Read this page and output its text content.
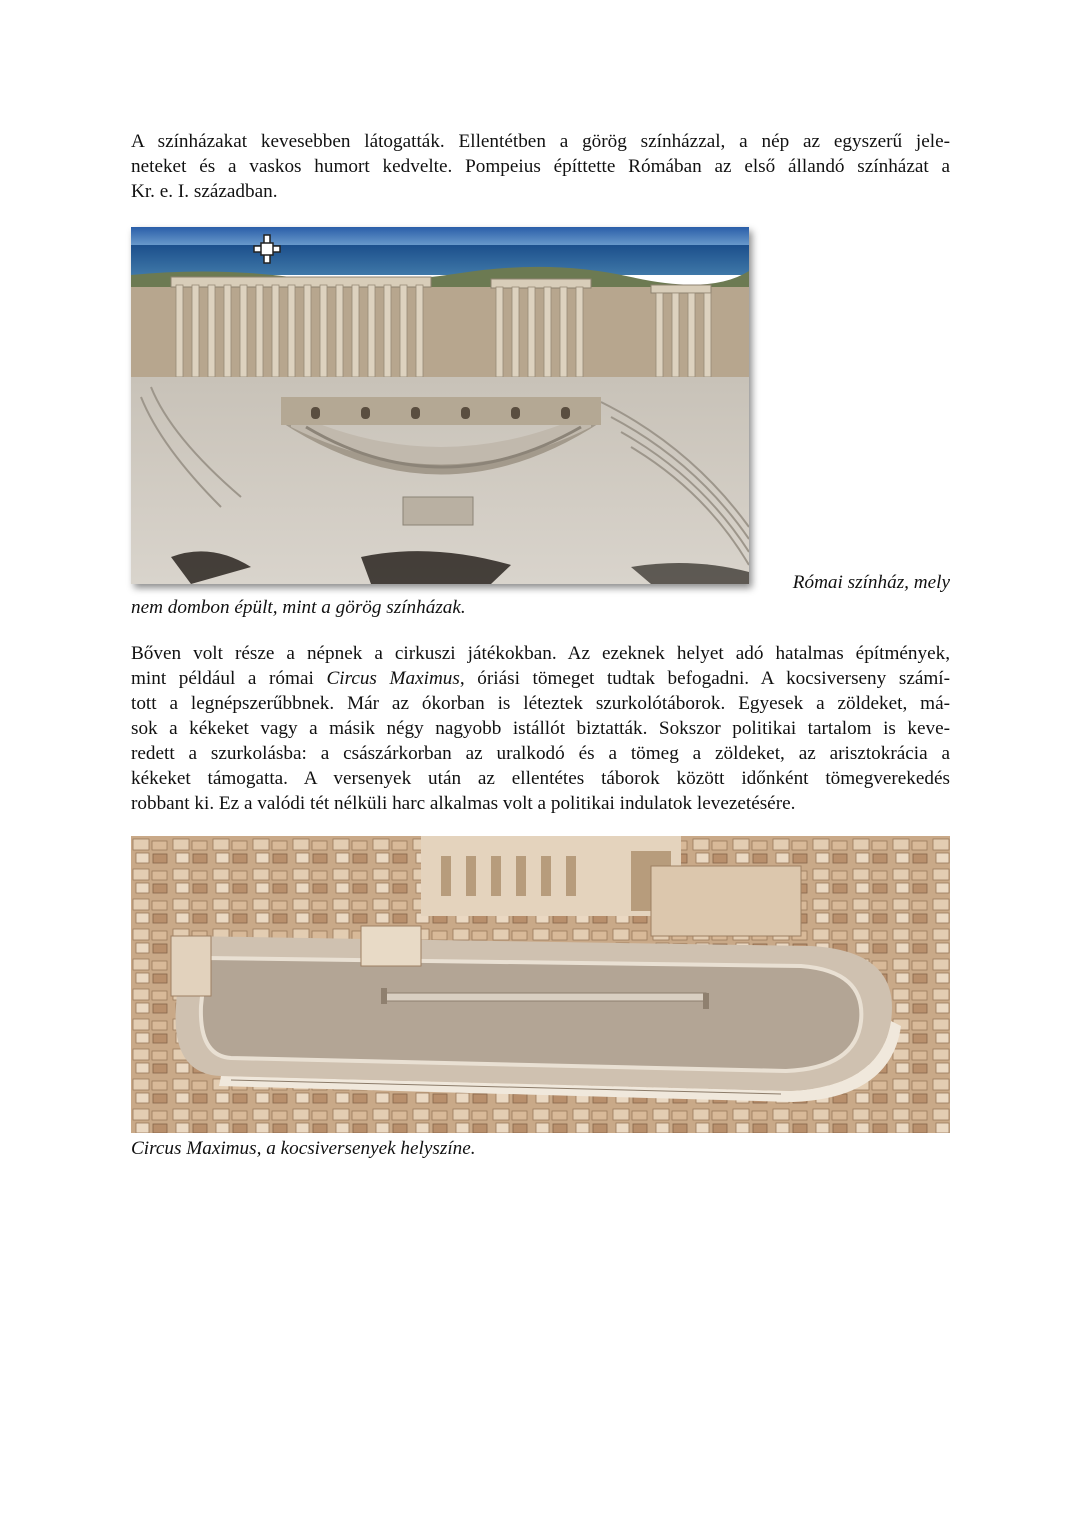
A színházakat kevesebben látogatták. Ellentétben a görög színházzal, a nép az egyszerű jele-
neteket és a vaskos humort kedvelte. Pompeius építtette Rómában az első állandó színházat a
Kr. e. I. században.

Római színház, mely

nem dombon épült, mint a görög színházak.

Bőven volt része a népnek a cirkuszi játékokban. Az ezeknek helyet adó hatalmas építmények,
mint például a római Circus Maximus, óriási tömeget tudtak befogadni. A kocsiverseny számí-
tott a legnépszerűbbnek. Már az ókorban is léteztek szurkolótáborok. Egyesek a zöldeket, má-
sok a kékeket vagy a másik négy nagyobb istállót biztatták. Sokszor politikai tartalom is keve-
redett a szurkolásba: a császárkorban az uralkodó és a tömeg a zöldeket, az arisztokrácia a
kékeket támogatta. A versenyek után az ellentétes táborok között időnként tömegverekedés
robbant ki. Ez a valódi tét nélküli harc alkalmas volt a politikai indulatok levezetésére.

Circus Maximus, a kocsiversenyek helyszíne.
